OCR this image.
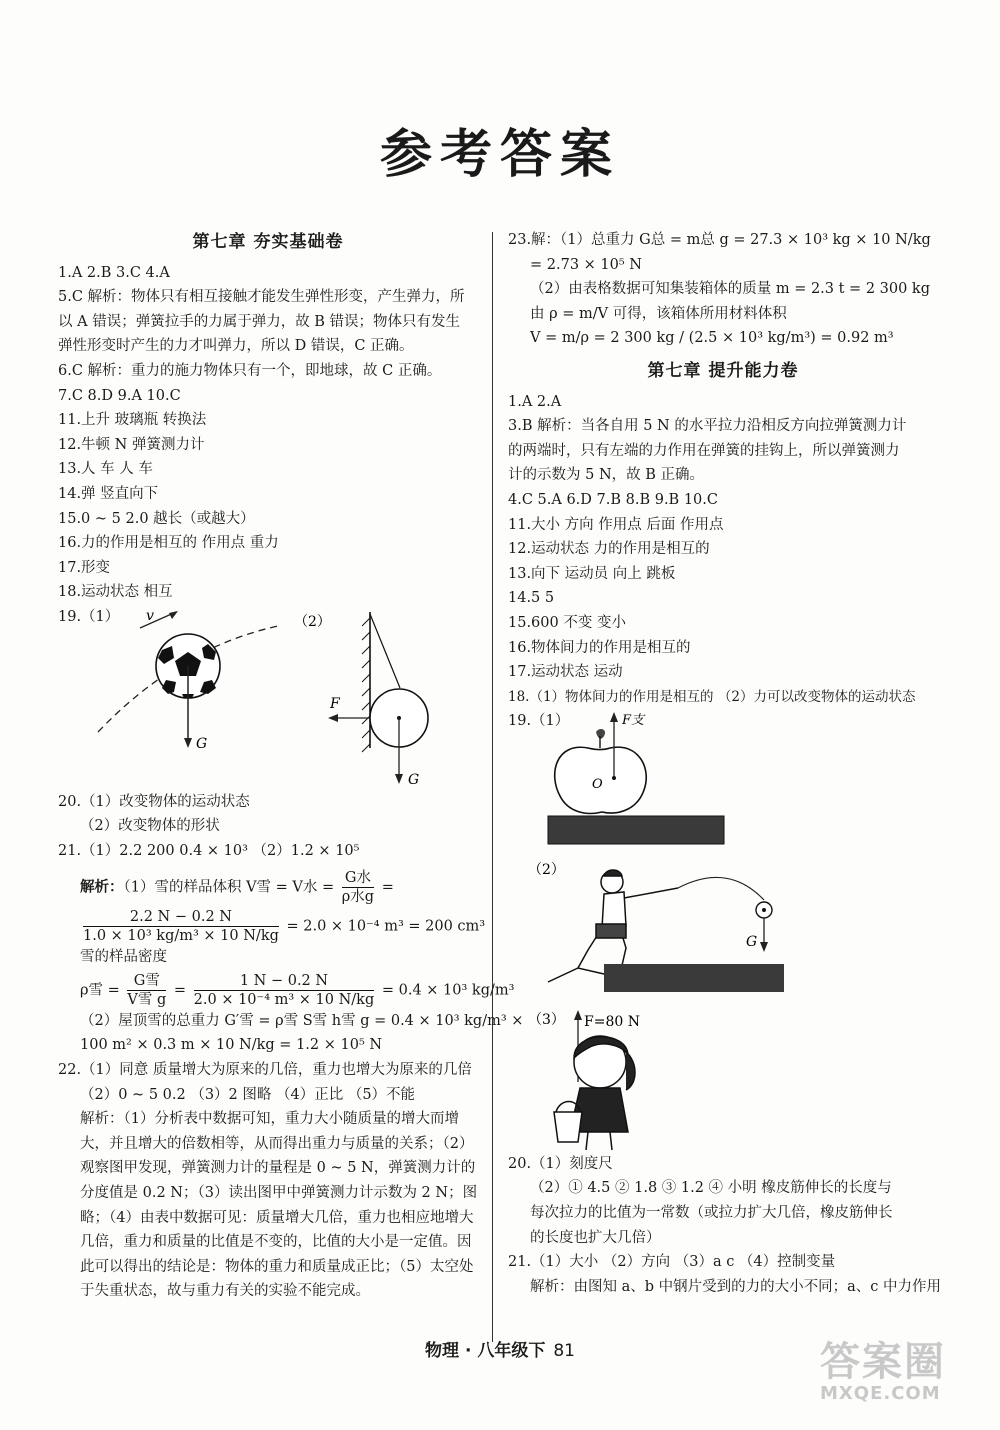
参考答案
第七章 夯实基础卷
1.A 2.B 3.C 4.A
5.C 解析：物体只有相互接触才能发生弹性形变，产生弹力，所
以 A 错误；弹簧拉手的力属于弹力，故 B 错误；物体只有发生
弹性形变时产生的力才叫弹力，所以 D 错误，C 正确。
6.C 解析：重力的施力物体只有一个，即地球，故 C 正确。
7.C 8.D 9.A 10.C
11.上升 玻璃瓶 转换法
12.牛顿 N 弹簧测力计
13.人 车 人 车
14.弹 竖直向下
15.0 ~ 5 2.0 越长（或越大）
16.力的作用是相互的 作用点 重力
17.形变
18.运动状态 相互
19.（1）	v
G
（2）
F
G
20.（1）改变物体的运动状态
（2）改变物体的形状
21.（1）2.2 200 0.4 × 10³ （2）1.2 × 10⁵
解析：（1）雪的样品体积 V雪 = V水 = $\frac{\text{G水}}{\text{ρ水g}}$ =
$\frac{2.2 N - 0.2 N}{\text{1.0 × 10³ kg/m³ × 10 N/kg}} = 2.0 \times 10^{-4}$ m³ = 200 cm³
雪的样品密度
ρ雪 = $\frac{\text{G雪}}{\text{V雪 g}} = \frac{1 N - 0.2 N}{\text{2.0 × 10⁻⁴ m³ × 10 N/kg}} = 0.4 \times 10^3$ kg/m³
（2）屋顶雪的总重力 G′雪 = ρ雪 S雪 h雪 g = 0.4 × 10³ kg/m³ ×
100 m² × 0.3 m × 10 N/kg = 1.2 × 10⁵ N
22.（1）同意 质量增大为原来的几倍，重力也增大为原来的几倍
（2）0 ~ 5 0.2 （3）2 图略 （4）正比 （5）不能
解析：（1）分析表中数据可知，重力大小随质量的增大而增
大，并且增大的倍数相等，从而得出重力与质量的关系；（2）
观察图甲发现，弹簧测力计的量程是 0 ~ 5 N，弹簧测力计的
分度值是 0.2 N；（3）读出图甲中弹簧测力计示数为 2 N；图
略；（4）由表中数据可见：质量增大几倍，重力也相应地增大
几倍，重力和质量的比值是不变的，比值的大小是一定值。因
此可以得出的结论是：物体的重力和质量成正比；（5）太空处
于失重状态，故与重力有关的实验不能完成。
23.解：（1）总重力 G总 = m总 g = 27.3 × 10³ kg × 10 N/kg
= 2.73 × 10⁵ N
（2）由表格数据可知集装箱体的质量 m = 2.3 t = 2 300 kg
由 ρ = m/V 可得，该箱体所用材料体积
V = m/ρ = 2 300 kg / (2.5 × 10³ kg/m³) = 0.92 m³
第七章 提升能力卷
1.A 2.A
3.B 解析：当各自用 5 N 的水平拉力沿相反方向拉弹簧测力计
的两端时，只有左端的力作用在弹簧的挂钩上，所以弹簧测力
计的示数为 5 N，故 B 正确。
4.C 5.A 6.D 7.B 8.B 9.B 10.C
11.大小 方向 作用点 后面 作用点
12.运动状态 力的作用是相互的
13.向下 运动员 向上 跳板
14.5 5
15.600 不变 变小
16.物体间力的作用是相互的
17.运动状态 运动
18.（1）物体间力的作用是相互的 （2）力可以改变物体的运动状态
19.（1）	F支
O
（2）
G
（3） F=80 N
20.（1）刻度尺
（2）① 4.5 ② 1.8 ③ 1.2 ④ 小明 橡皮筋伸长的长度与
每次拉力的比值为一常数（或拉力扩大几倍，橡皮筋伸长
的长度也扩大几倍）
21.（1）大小 （2）方向 （3）a c （4）控制变量
解析：由图知 a、b 中钢片受到的力的大小不同；a、c 中力作用
物理 · 八年级下 81	答案圈
MXQE.COM
